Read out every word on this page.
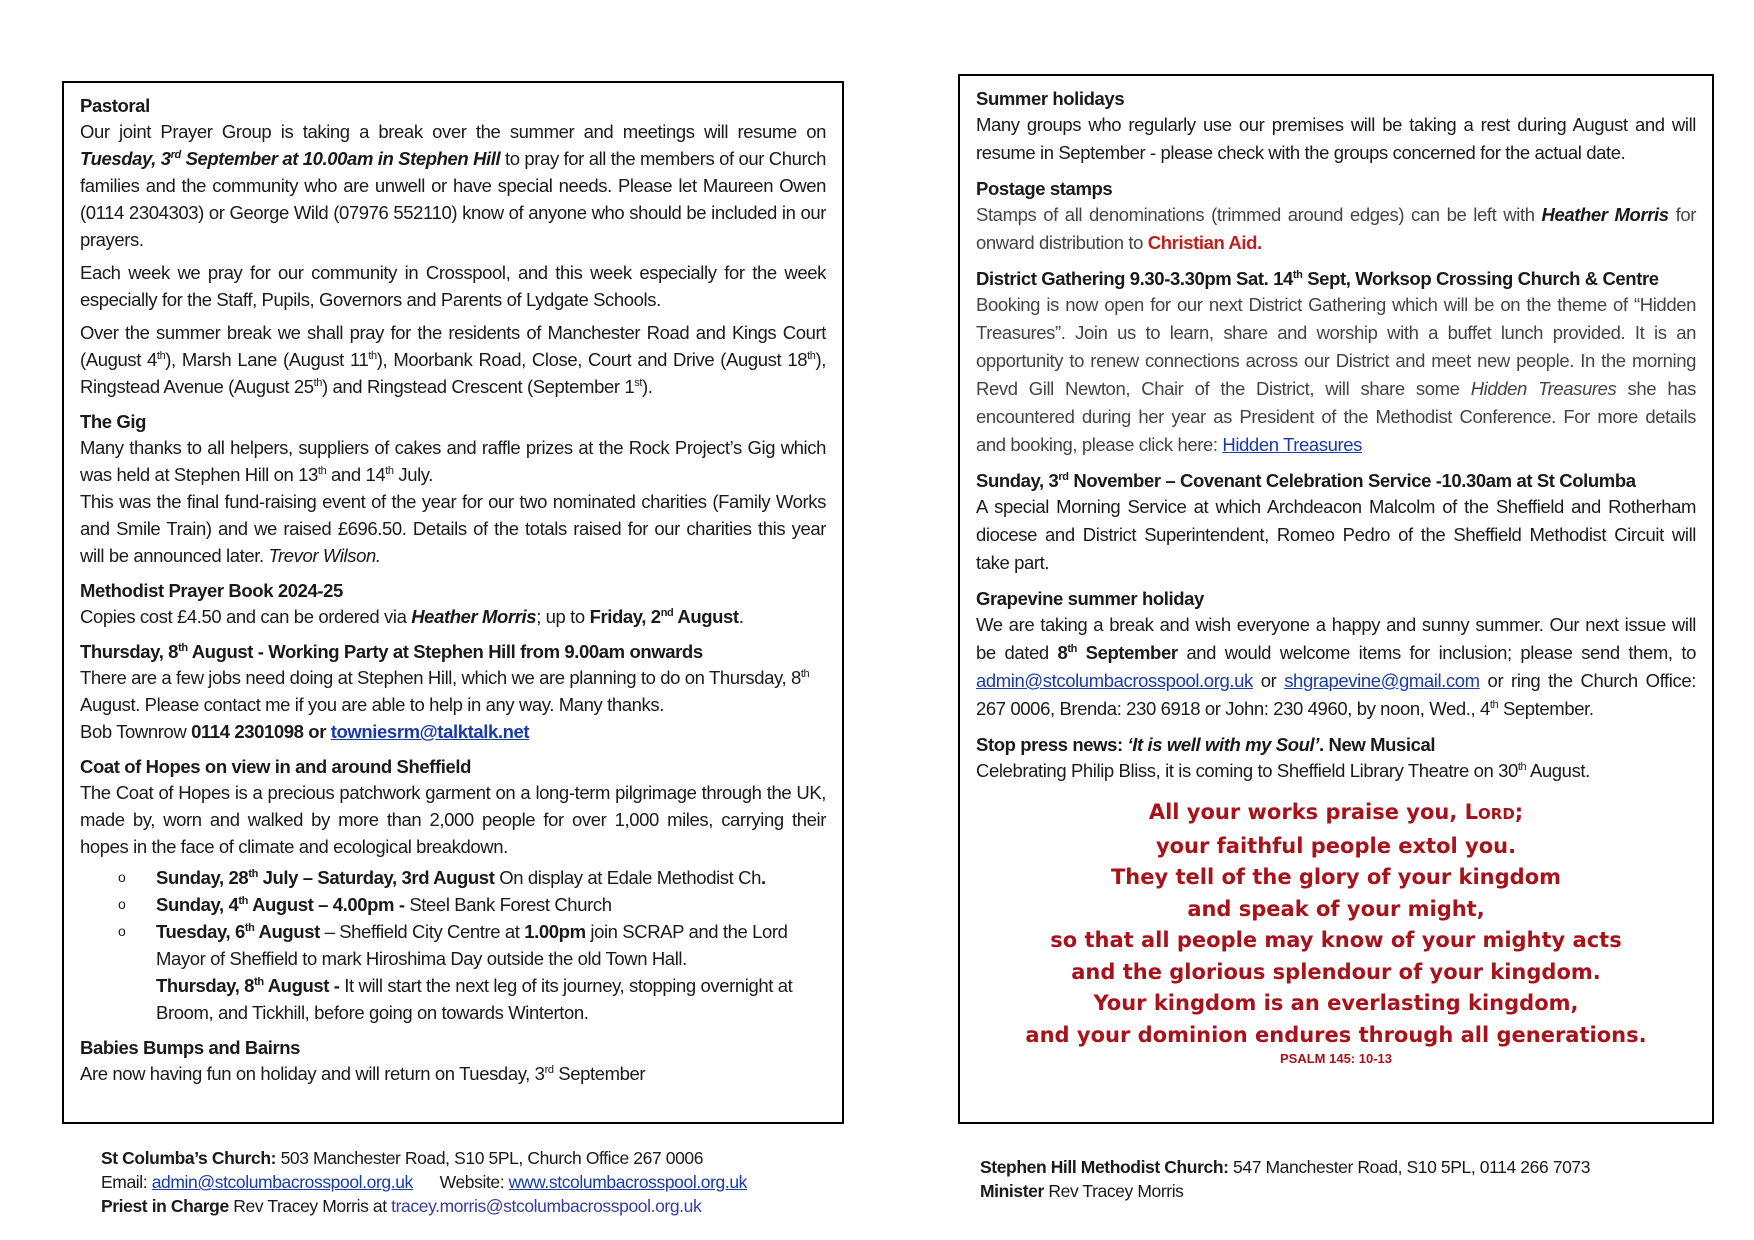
Pastoral
Our joint Prayer Group is taking a break over the summer and meetings will resume on Tuesday, 3rd September at 10.00am in Stephen Hill to pray for all the members of our Church families and the community who are unwell or have special needs. Please let Maureen Owen (0114 2304303) or George Wild (07976 552110) know of anyone who should be included in our prayers.
Each week we pray for our community in Crosspool, and this week especially for the week especially for the Staff, Pupils, Governors and Parents of Lydgate Schools.
Over the summer break we shall pray for the residents of Manchester Road and Kings Court (August 4th), Marsh Lane (August 11th), Moorbank Road, Close, Court and Drive (August 18th), Ringstead Avenue (August 25th) and Ringstead Crescent (September 1st).
The Gig
Many thanks to all helpers, suppliers of cakes and raffle prizes at the Rock Project’s Gig which was held at Stephen Hill on 13th and 14th July.
This was the final fund-raising event of the year for our two nominated charities (Family Works and Smile Train) and we raised £696.50. Details of the totals raised for our charities this year will be announced later. Trevor Wilson.
Methodist Prayer Book 2024-25
Copies cost £4.50 and can be ordered via Heather Morris; up to Friday, 2nd August.
Thursday, 8th August - Working Party at Stephen Hill from 9.00am onwards
There are a few jobs need doing at Stephen Hill, which we are planning to do on Thursday, 8th August. Please contact me if you are able to help in any way. Many thanks.
Bob Townrow 0114 2301098 or towniesrm@talktalk.net
Coat of Hopes on view in and around Sheffield
The Coat of Hopes is a precious patchwork garment on a long-term pilgrimage through the UK, made by, worn and walked by more than 2,000 people for over 1,000 miles, carrying their hopes in the face of climate and ecological breakdown.
o Sunday, 28th July – Saturday, 3rd August On display at Edale Methodist Ch.
o Sunday, 4th August – 4.00pm - Steel Bank Forest Church
o Tuesday, 6th August – Sheffield City Centre at 1.00pm join SCRAP and the Lord Mayor of Sheffield to mark Hiroshima Day outside the old Town Hall.
Thursday, 8th August - It will start the next leg of its journey, stopping overnight at Broom, and Tickhill, before going on towards Winterton.
Babies Bumps and Bairns
Are now having fun on holiday and will return on Tuesday, 3rd September
Summer holidays
Many groups who regularly use our premises will be taking a rest during August and will resume in September - please check with the groups concerned for the actual date.
Postage stamps
Stamps of all denominations (trimmed around edges) can be left with Heather Morris for onward distribution to Christian Aid.
District Gathering 9.30-3.30pm Sat. 14th Sept, Worksop Crossing Church & Centre
Booking is now open for our next District Gathering which will be on the theme of “Hidden Treasures”. Join us to learn, share and worship with a buffet lunch provided. It is an opportunity to renew connections across our District and meet new people. In the morning Revd Gill Newton, Chair of the District, will share some Hidden Treasures she has encountered during her year as President of the Methodist Conference. For more details and booking, please click here: Hidden Treasures
Sunday, 3rd November – Covenant Celebration Service -10.30am at St Columba
A special Morning Service at which Archdeacon Malcolm of the Sheffield and Rotherham diocese and District Superintendent, Romeo Pedro of the Sheffield Methodist Circuit will take part.
Grapevine summer holiday
We are taking a break and wish everyone a happy and sunny summer. Our next issue will be dated 8th September and would welcome items for inclusion; please send them, to admin@stcolumbacrosspool.org.uk or shgrapevine@gmail.com or ring the Church Office: 267 0006, Brenda: 230 6918 or John: 230 4960, by noon, Wed., 4th September.
Stop press news: ‘It is well with my Soul’. New Musical
Celebrating Philip Bliss, it is coming to Sheffield Library Theatre on 30th August.
All your works praise you, LORD;
your faithful people extol you.
They tell of the glory of your kingdom
and speak of your might,
so that all people may know of your mighty acts
and the glorious splendour of your kingdom.
Your kingdom is an everlasting kingdom,
and your dominion endures through all generations.
PSALM 145: 10-13
St Columba’s Church: 503 Manchester Road, S10 5PL, Church Office 267 0006
Email: admin@stcolumbacrosspool.org.uk      Website: www.stcolumbacrosspool.org.uk
Priest in Charge Rev Tracey Morris at tracey.morris@stcolumbacrosspool.org.uk
Stephen Hill Methodist Church: 547 Manchester Road, S10 5PL, 0114 266 7073
Minister Rev Tracey Morris
